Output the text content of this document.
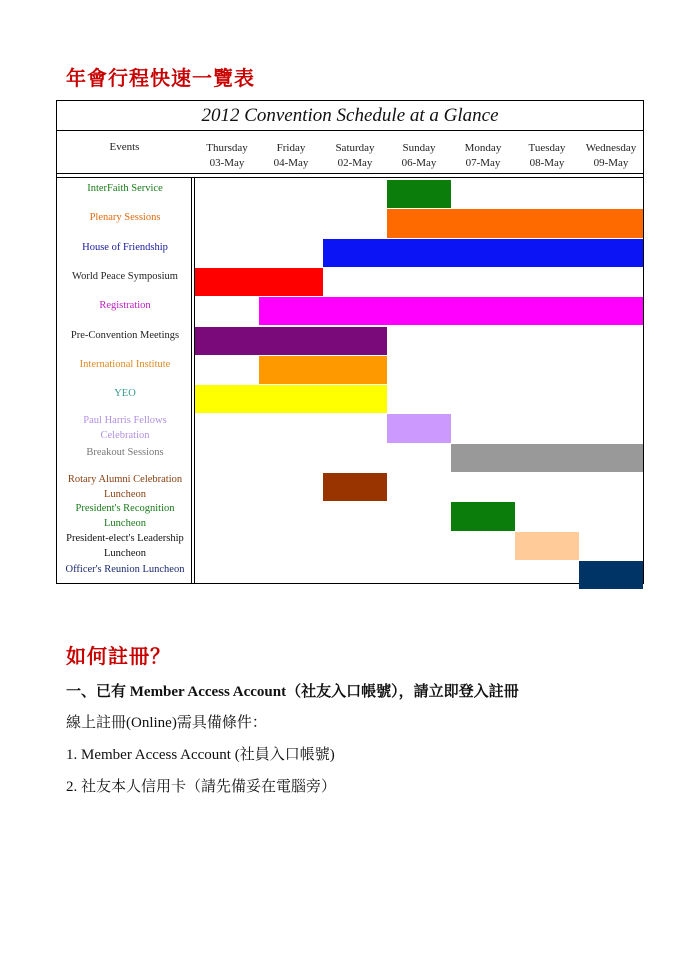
年會行程快速一覽表
2012 Convention Schedule at a Glance
Events	Thursday
03-May
Friday
04-May
Saturday
02-May
Sunday
06-May
Monday
07-May
Tuesday
08-May
Wednesday
09-May
InterFaith Service
Plenary Sessions
House of Friendship
World Peace Symposium
Registration
Pre-Convention Meetings
International Institute
YEO
Paul Harris Fellows
Celebration
Breakout Sessions
Rotary Alumni Celebration
Luncheon
President's Recognition
Luncheon
President-elect's Leadership
Luncheon
Officer's Reunion Luncheon
如何註冊？
一、已有 Member Access Account（社友入口帳號），請立即登入註冊
線上註冊(Online)需具備條件：
1. Member Access Account (社員入口帳號)
2. 社友本人信用卡（請先備妥在電腦旁）
